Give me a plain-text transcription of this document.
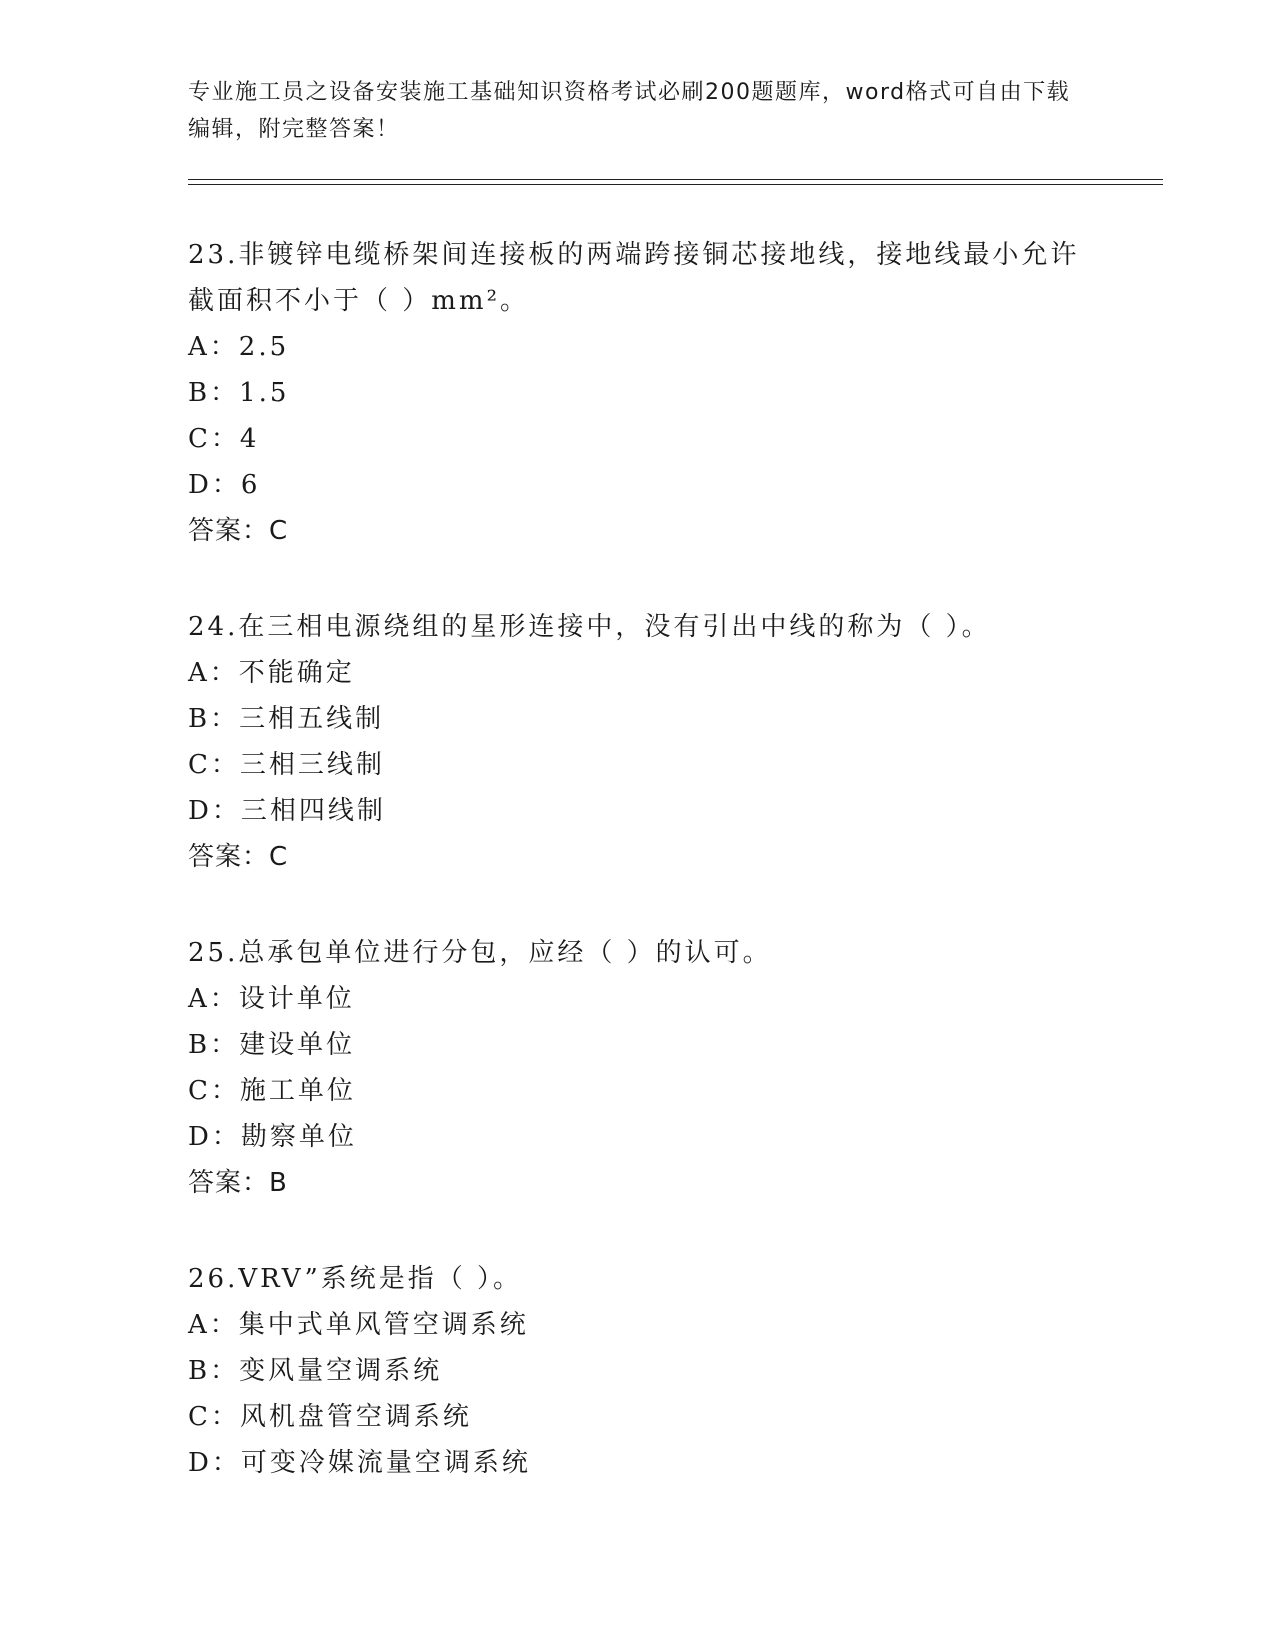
专业施工员之设备安装施工基础知识资格考试必刷200题题库，word格式可自由下载编辑，附完整答案！

23.非镀锌电缆桥架间连接板的两端跨接铜芯接地线，接地线最小允许截面积不小于（ ）mm²。

A：2.5

B：1.5

C：4

D：6

答案：C

24.在三相电源绕组的星形连接中，没有引出中线的称为（ ）。

A：不能确定

B：三相五线制

C：三相三线制

D：三相四线制

答案：C

25.总承包单位进行分包，应经（ ）的认可。

A：设计单位

B：建设单位

C：施工单位

D：勘察单位

答案：B

26.VRV”系统是指（ ）。

A：集中式单风管空调系统

B：变风量空调系统

C：风机盘管空调系统

D：可变冷媒流量空调系统
